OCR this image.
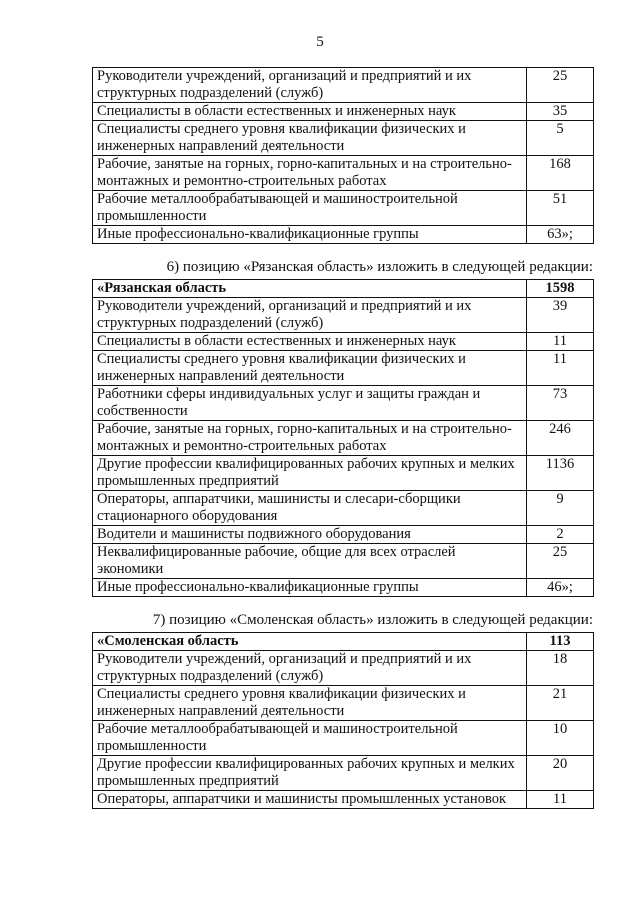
5
Руководители учреждений, организаций и предприятий и их структурных подразделений (служб)	25
Специалисты в области естественных и инженерных наук	35
Специалисты среднего уровня квалификации физических и инженерных направлений деятельности	5
Рабочие, занятые на горных, горно-капитальных и на строительно-монтажных и ремонтно-строительных работах	168
Рабочие металлообрабатывающей и машиностроительной промышленности	51
Иные профессионально-квалификационные группы	63»;
6) позицию «Рязанская область» изложить в следующей редакции:
«Рязанская область	1598
Руководители учреждений, организаций и предприятий и их структурных подразделений (служб)	39
Специалисты в области естественных и инженерных наук	11
Специалисты среднего уровня квалификации физических и инженерных направлений деятельности	11
Работники сферы индивидуальных услуг и защиты граждан и собственности	73
Рабочие, занятые на горных, горно-капитальных и на строительно-монтажных и ремонтно-строительных работах	246
Другие профессии квалифицированных рабочих крупных и мелких промышленных предприятий	1136
Операторы, аппаратчики, машинисты и слесари-сборщики стационарного оборудования	9
Водители и машинисты подвижного оборудования	2
Неквалифицированные рабочие, общие для всех отраслей экономики	25
Иные профессионально-квалификационные группы	46»;
7) позицию «Смоленская область» изложить в следующей редакции:
«Смоленская область	113
Руководители учреждений, организаций и предприятий и их структурных подразделений (служб)	18
Специалисты среднего уровня квалификации физических и инженерных направлений деятельности	21
Рабочие металлообрабатывающей и машиностроительной промышленности	10
Другие профессии квалифицированных рабочих крупных и мелких промышленных предприятий	20
Операторы, аппаратчики и машинисты промышленных установок	11
